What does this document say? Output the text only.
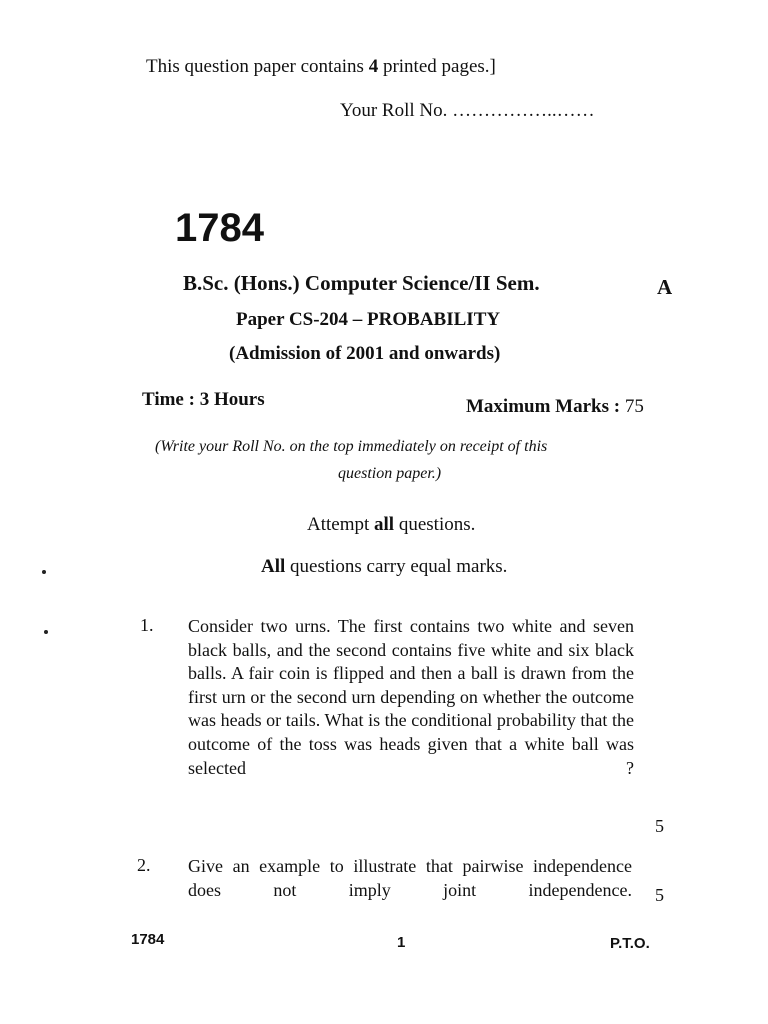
This question paper contains 4 printed pages.]
Your Roll No. ……………..……
1784
B.Sc. (Hons.) Computer Science/II Sem.	A
Paper CS-204 – PROBABILITY
(Admission of 2001 and onwards)
Time : 3 Hours	Maximum Marks : 75
(Write your Roll No. on the top immediately on receipt of this
question paper.)
Attempt all questions.
All questions carry equal marks.
1. Consider two urns. The first contains two white and seven black balls, and the second contains five white and six black balls. A fair coin is flipped and then a ball is drawn from the first urn or the second urn depending on whether the outcome was heads or tails. What is the conditional probability that the outcome of the toss was heads given that a white ball was
selected ?
5
2. Give an example to illustrate that pairwise independence does not imply joint independence. 5
1784	1	P.T.O.
